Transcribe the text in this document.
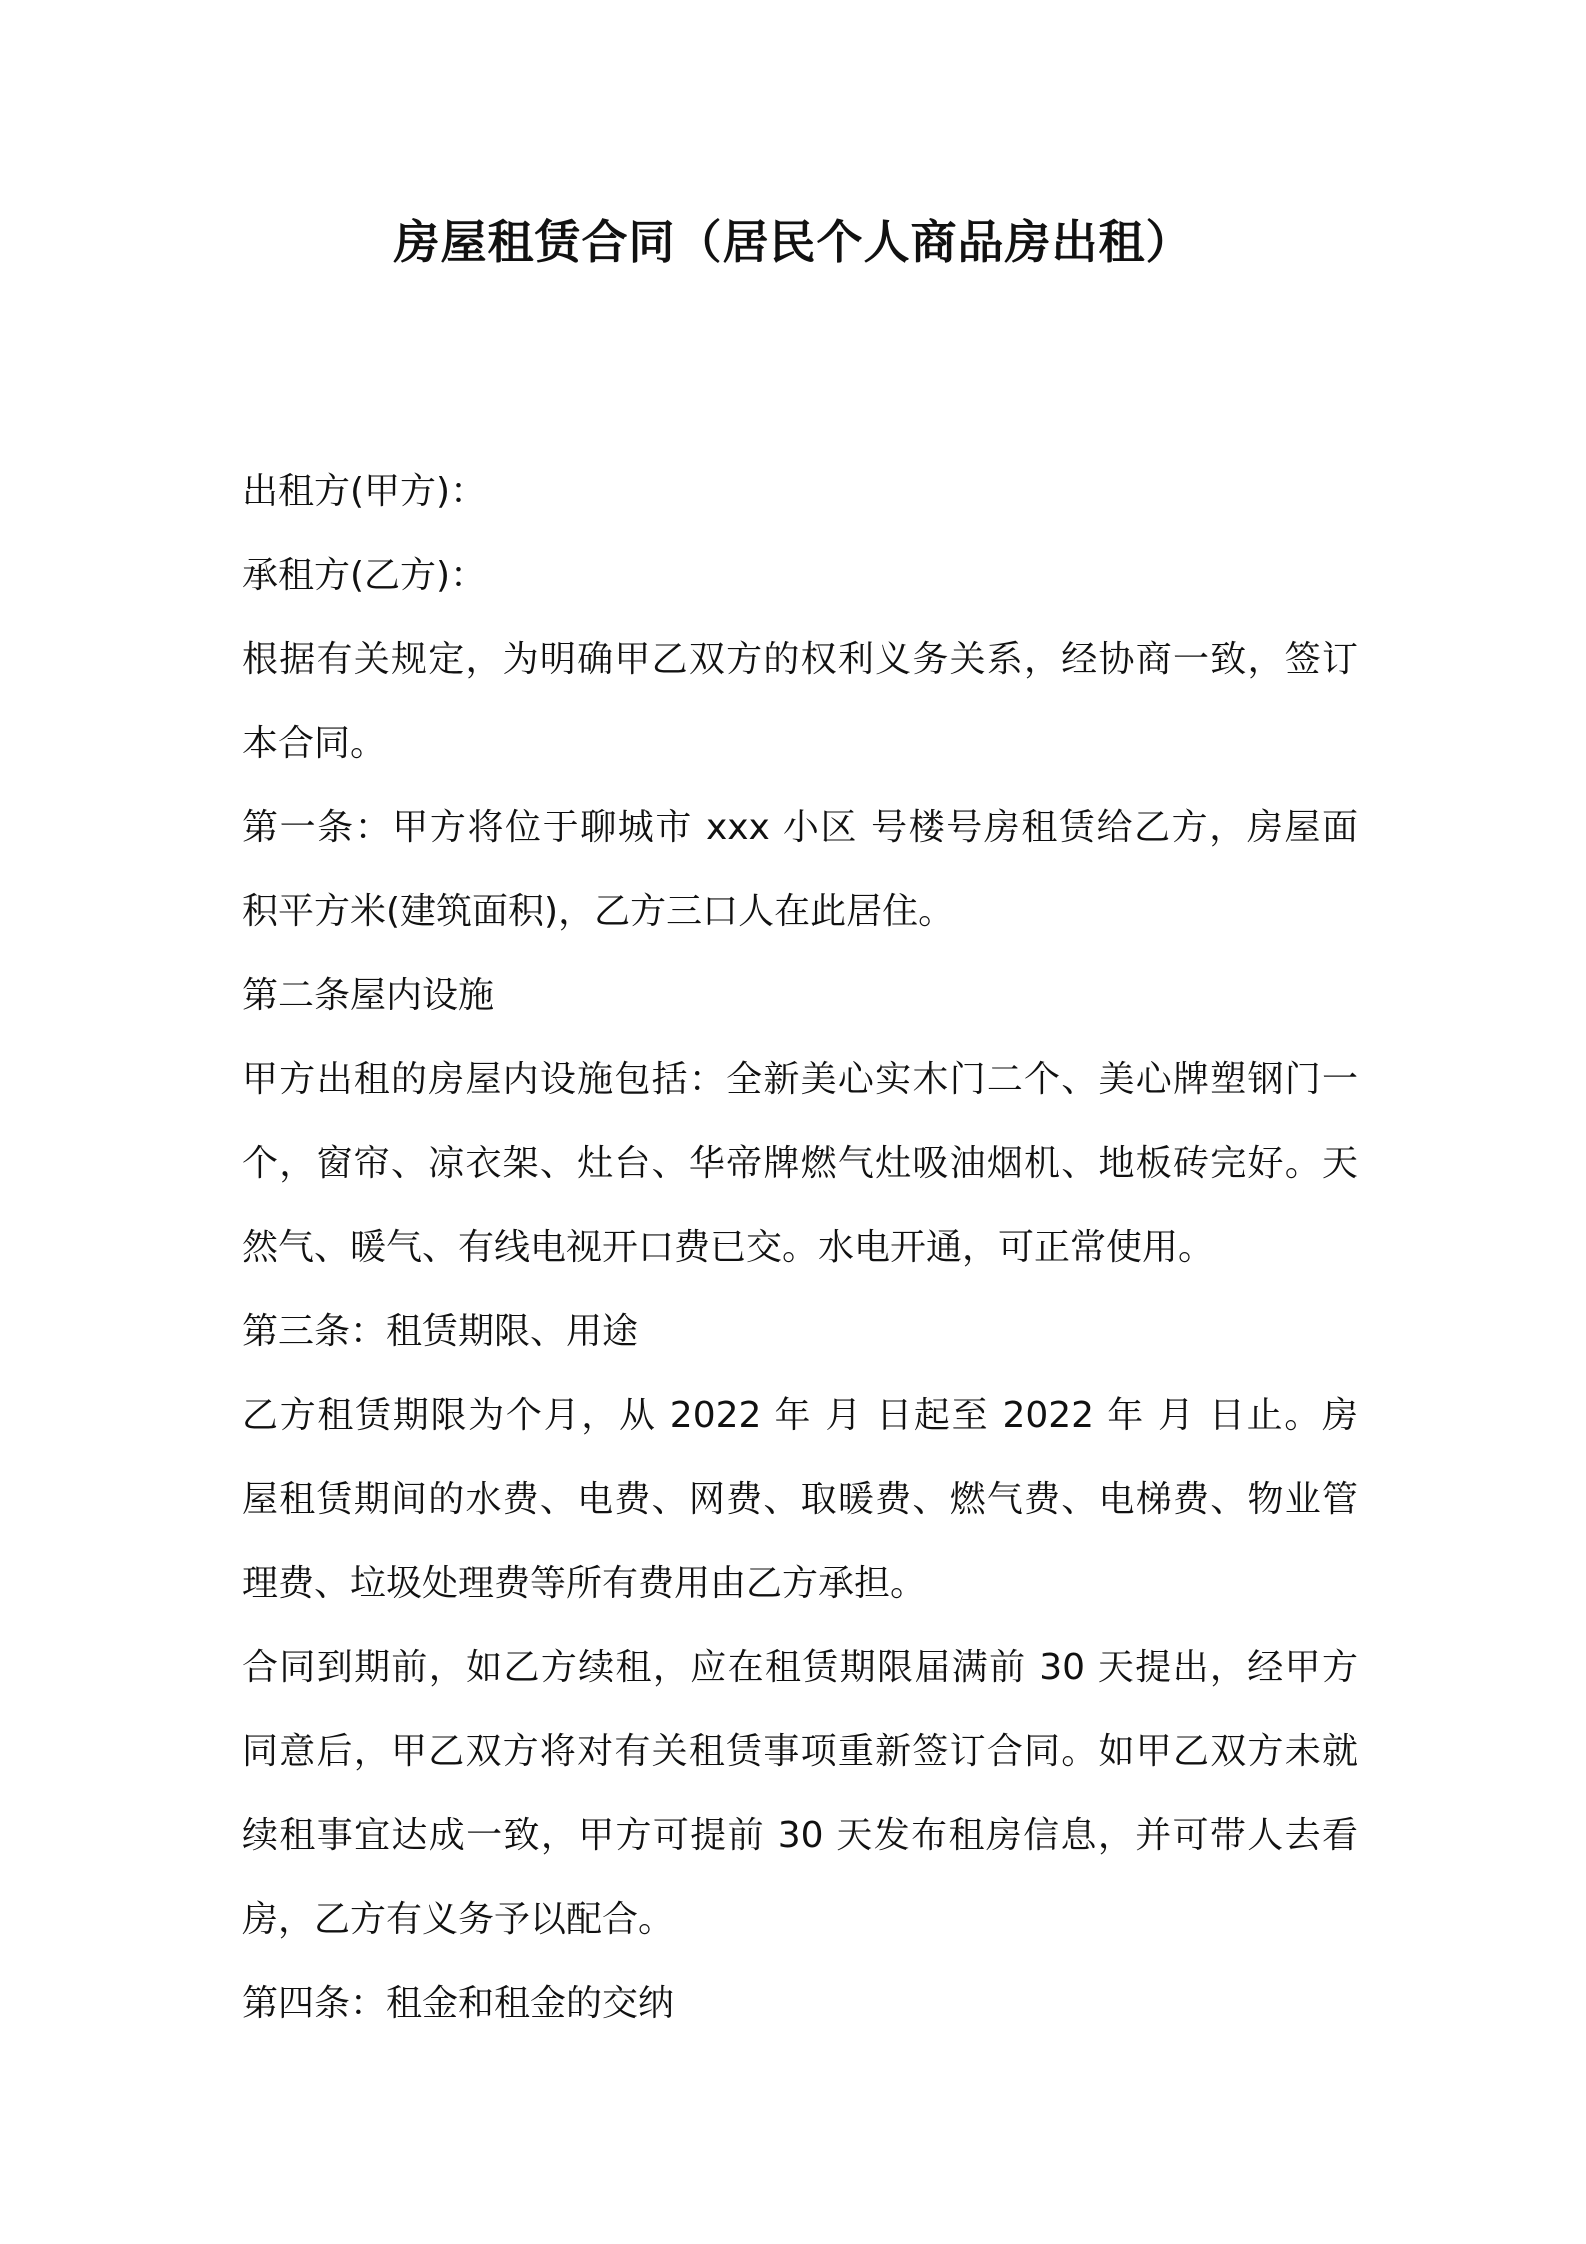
房屋租赁合同（居民个人商品房出租）
出租方(甲方)：
承租方(乙方)：
根据有关规定，为明确甲乙双方的权利义务关系，经协商一致，签订
本合同。
第一条：甲方将位于聊城市 xxx 小区 号楼号房租赁给乙方，房屋面
积平方米(建筑面积)，乙方三口人在此居住。
第二条屋内设施
甲方出租的房屋内设施包括：全新美心实木门二个、美心牌塑钢门一
个，窗帘、凉衣架、灶台、华帝牌燃气灶吸油烟机、地板砖完好。天
然气、暖气、有线电视开口费已交。水电开通，可正常使用。
第三条：租赁期限、用途
乙方租赁期限为个月，从 2022 年 月 日起至 2022 年 月 日止。房
屋租赁期间的水费、电费、网费、取暖费、燃气费、电梯费、物业管
理费、垃圾处理费等所有费用由乙方承担。
合同到期前，如乙方续租，应在租赁期限届满前 30 天提出，经甲方
同意后，甲乙双方将对有关租赁事项重新签订合同。如甲乙双方未就
续租事宜达成一致，甲方可提前 30 天发布租房信息，并可带人去看
房，乙方有义务予以配合。
第四条：租金和租金的交纳
